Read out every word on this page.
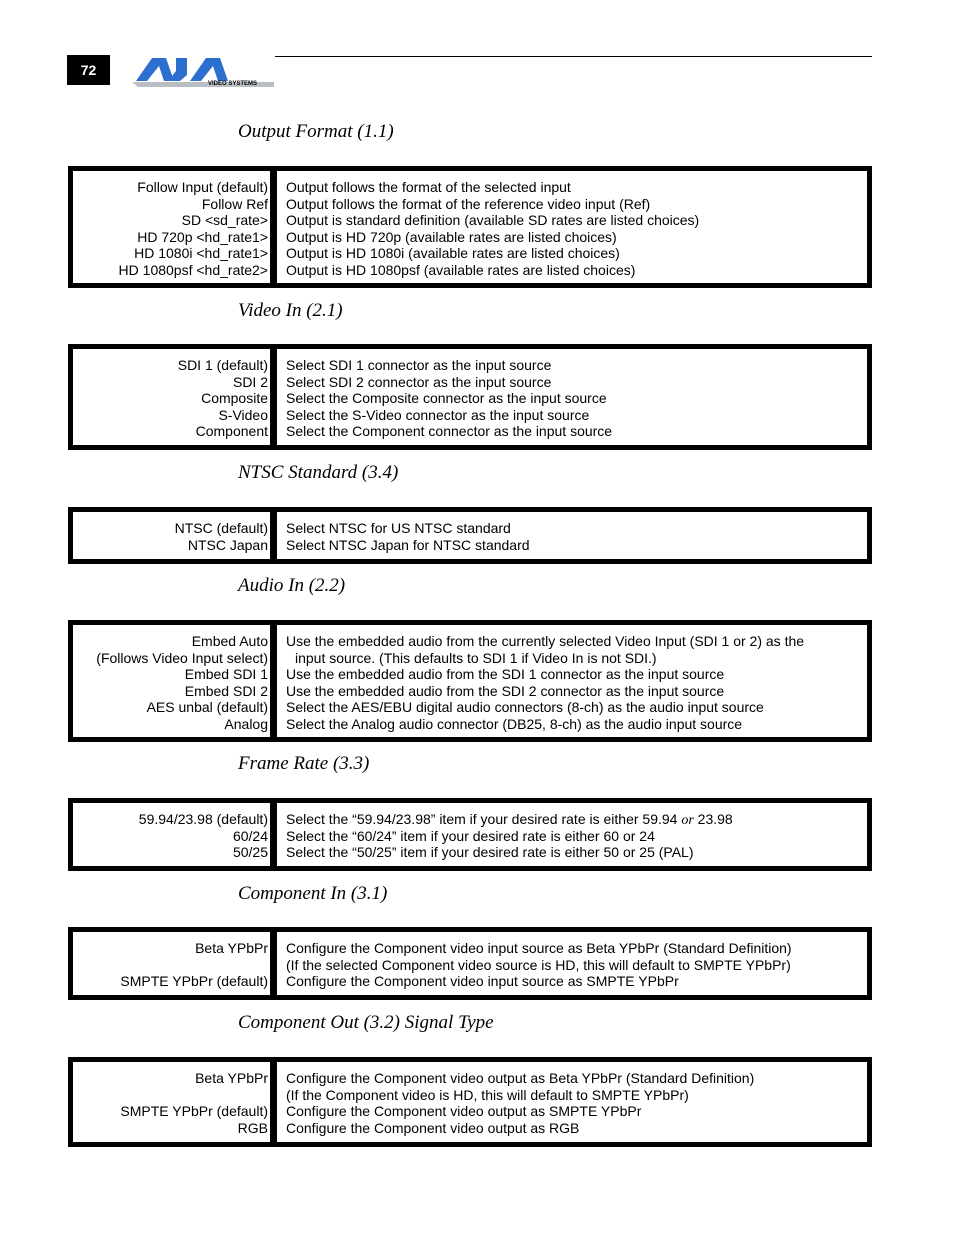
72
VIDEO SYSTEMS
Output Format (1.1)
Follow Input (default)
Follow Ref
SD <sd_rate>
HD 720p <hd_rate1>
HD 1080i <hd_rate1>
HD 1080psf <hd_rate2>
Output follows the format of the selected input
Output follows the format of the reference video input (Ref)
Output is standard definition (available SD rates are listed choices)
Output is HD 720p (available rates are listed choices)
Output is HD 1080i (available rates are listed choices)
Output is HD 1080psf (available rates are listed choices)
Video In (2.1)
SDI 1 (default)
SDI 2
Composite
S-Video
Component
Select SDI 1 connector as the input source
Select SDI 2 connector as the input source
Select the Composite connector as the input source
Select the S-Video connector as the input source
Select the Component connector as the input source
NTSC Standard (3.4)
NTSC (default)
NTSC Japan
Select NTSC for US NTSC standard
Select NTSC Japan for NTSC standard
Audio In (2.2)
Embed Auto
(Follows Video Input select)
Embed SDI 1
Embed SDI 2
AES unbal (default)
Analog
Use the embedded audio from the currently selected Video Input (SDI 1 or 2) as the
input source. (This defaults to SDI 1 if Video In is not SDI.)
Use the embedded audio from the SDI 1 connector as the input source
Use the embedded audio from the SDI 2 connector as the input source
Select the AES/EBU digital audio connectors (8-ch) as the audio input source
Select the Analog audio connector (DB25, 8-ch) as the audio input source
Frame Rate (3.3)
59.94/23.98 (default)
60/24
50/25
Select the “59.94/23.98” item if your desired rate is either 59.94 or 23.98
Select the “60/24” item if your desired rate is either 60 or 24
Select the “50/25” item if your desired rate is either 50 or 25 (PAL)
Component In (3.1)
Beta YPbPr
SMPTE YPbPr (default)
Configure the Component video input source as Beta YPbPr (Standard Definition)
(If the selected Component video source is HD, this will default to SMPTE YPbPr)
Configure the Component video input source as SMPTE YPbPr
Component Out (3.2) Signal Type
Beta YPbPr
SMPTE YPbPr (default)
RGB
Configure the Component video output as Beta YPbPr (Standard Definition)
(If the Component video is HD, this will default to SMPTE YPbPr)
Configure the Component video output as SMPTE YPbPr
Configure the Component video output as RGB
